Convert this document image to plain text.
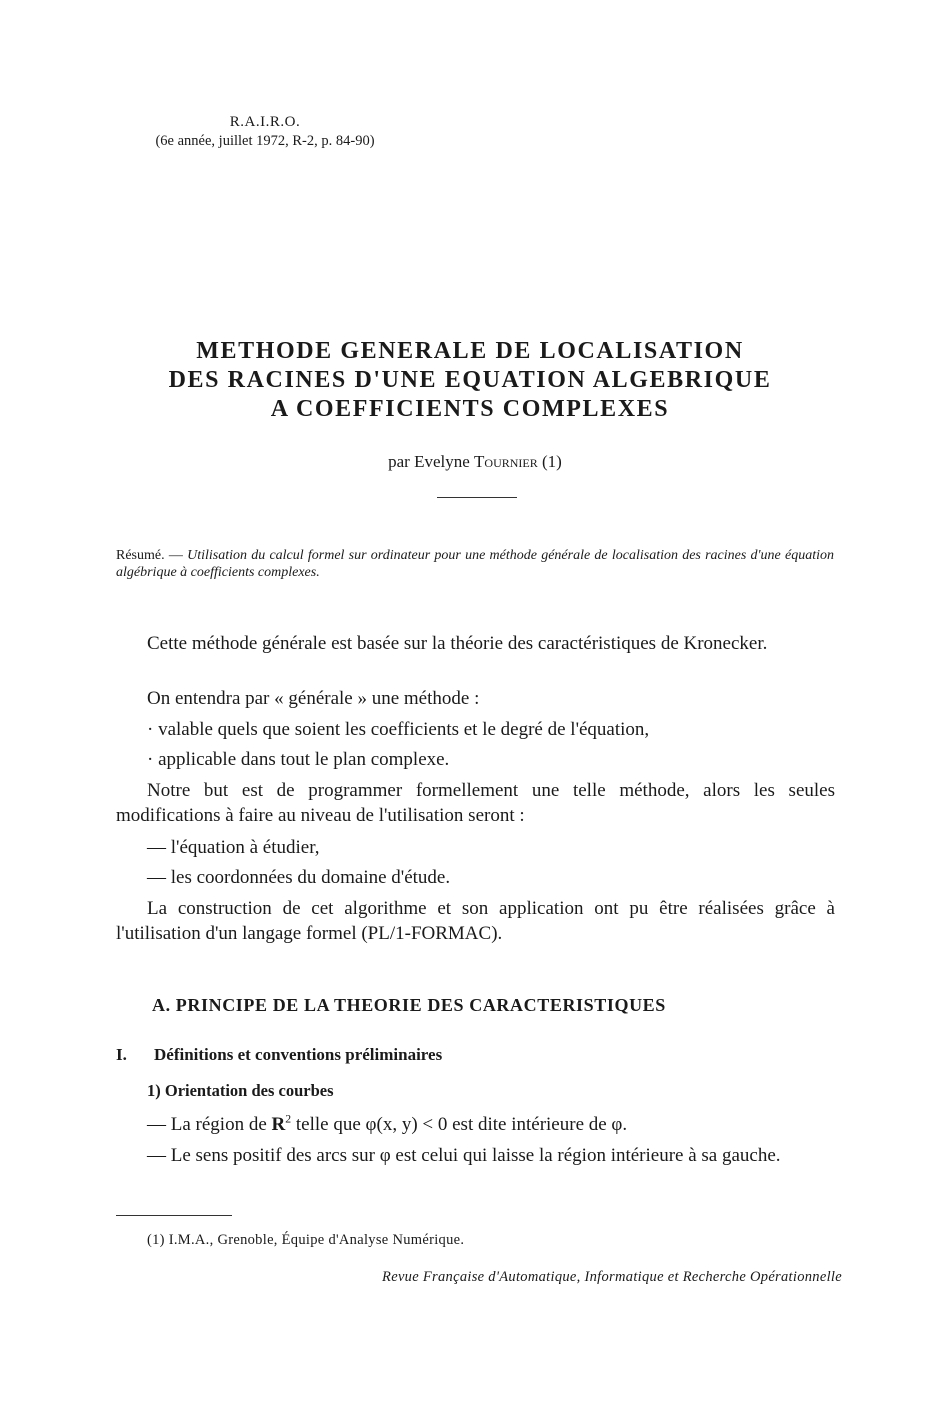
R.A.I.R.O.
(6e année, juillet 1972, R-2, p. 84-90)
METHODE GENERALE DE LOCALISATION
DES RACINES D'UNE EQUATION ALGEBRIQUE
A COEFFICIENTS COMPLEXES
par Evelyne Tournier (1)
Résumé. — Utilisation du calcul formel sur ordinateur pour une méthode générale de localisation des racines d'une équation algébrique à coefficients complexes.
Cette méthode générale est basée sur la théorie des caractéristiques de Kronecker.
On entendra par « générale » une méthode :
· valable quels que soient les coefficients et le degré de l'équation,
· applicable dans tout le plan complexe.
Notre but est de programmer formellement une telle méthode, alors les seules modifications à faire au niveau de l'utilisation seront :
— l'équation à étudier,
— les coordonnées du domaine d'étude.
La construction de cet algorithme et son application ont pu être réalisées grâce à l'utilisation d'un langage formel (PL/1-FORMAC).
A. PRINCIPE DE LA THEORIE DES CARACTERISTIQUES
I. Définitions et conventions préliminaires
1) Orientation des courbes
— La région de $R^2$ telle que φ(x, y) < 0 est dite intérieure de φ.
— Le sens positif des arcs sur φ est celui qui laisse la région intérieure à sa gauche.
(1) I.M.A., Grenoble, Équipe d'Analyse Numérique.
Revue Française d'Automatique, Informatique et Recherche Opérationnelle
